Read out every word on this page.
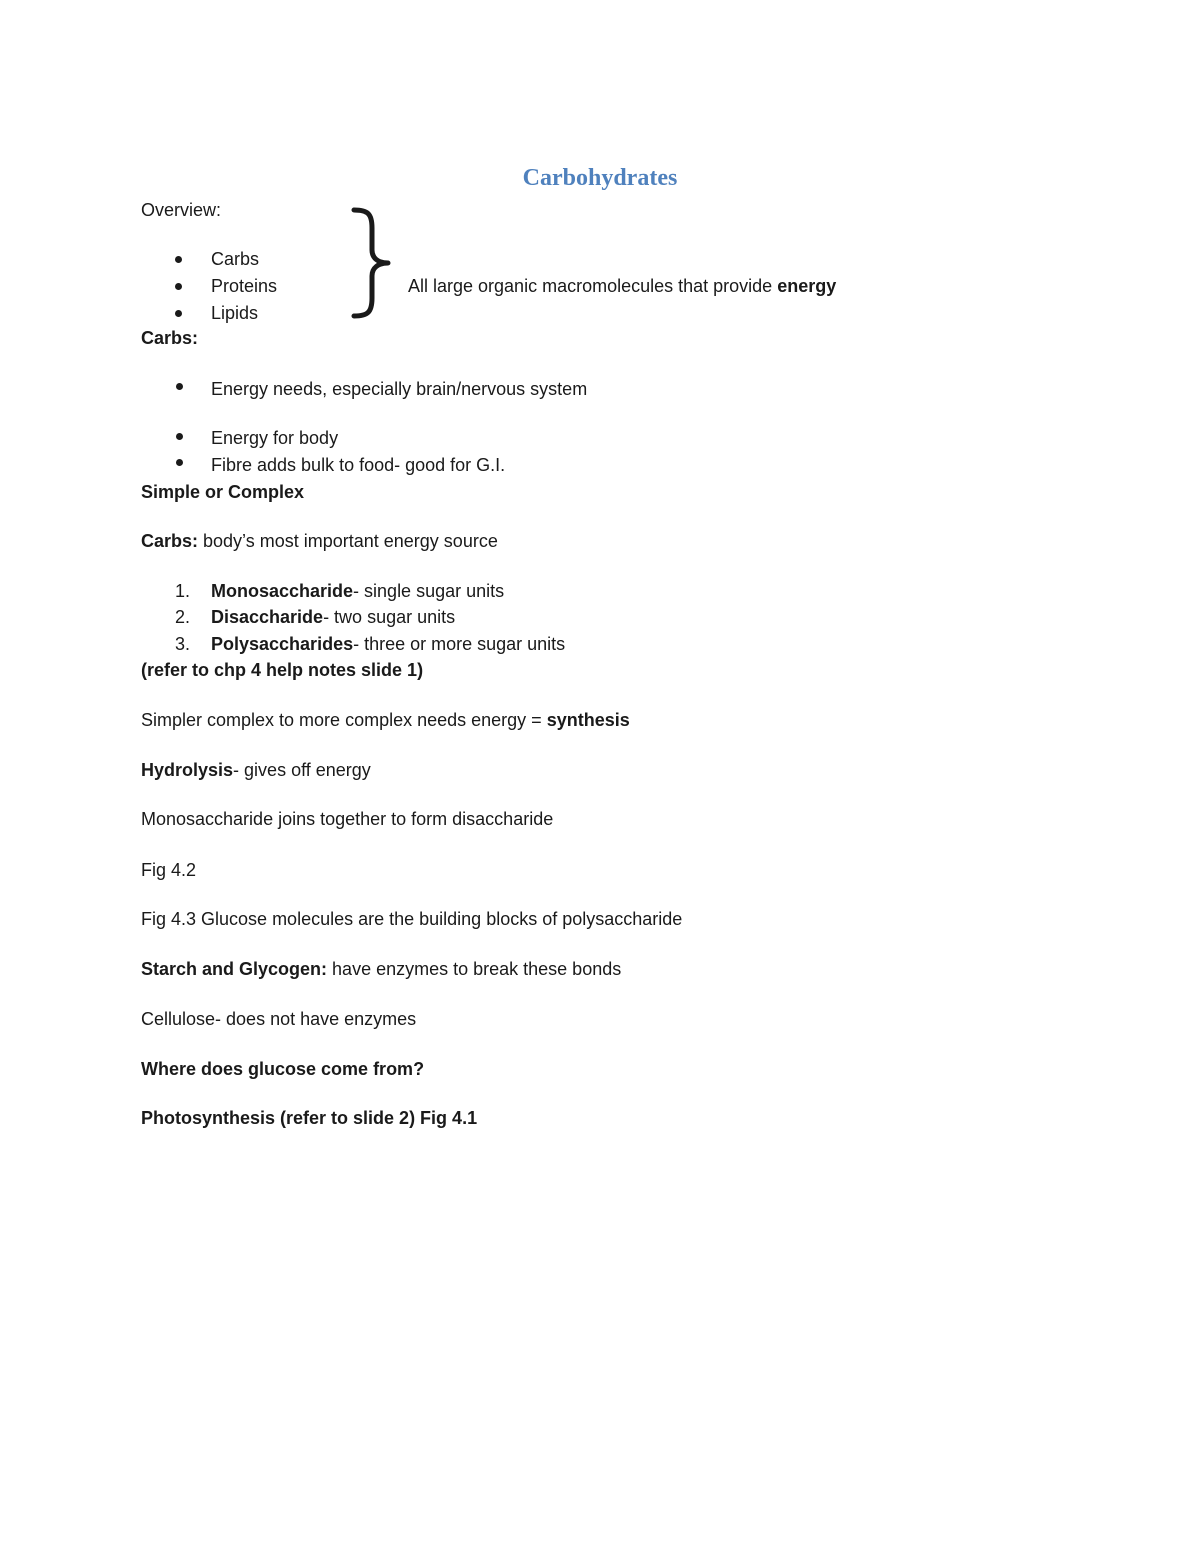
Carbohydrates
Overview:
Carbs
Proteins
Lipids
All large organic macromolecules that provide energy
Carbs:
Energy needs, especially brain/nervous system
Energy for body
Fibre adds bulk to food- good for G.I.
Simple or Complex
Carbs: body’s most important energy source
1. Monosaccharide- single sugar units
2. Disaccharide- two sugar units
3. Polysaccharides- three or more sugar units
(refer to chp 4 help notes slide 1)
Simpler complex to more complex needs energy = synthesis
Hydrolysis- gives off energy
Monosaccharide joins together to form disaccharide
Fig 4.2
Fig 4.3 Glucose molecules are the building blocks of polysaccharide
Starch and Glycogen: have enzymes to break these bonds
Cellulose- does not have enzymes
Where does glucose come from?
Photosynthesis (refer to slide 2) Fig 4.1
